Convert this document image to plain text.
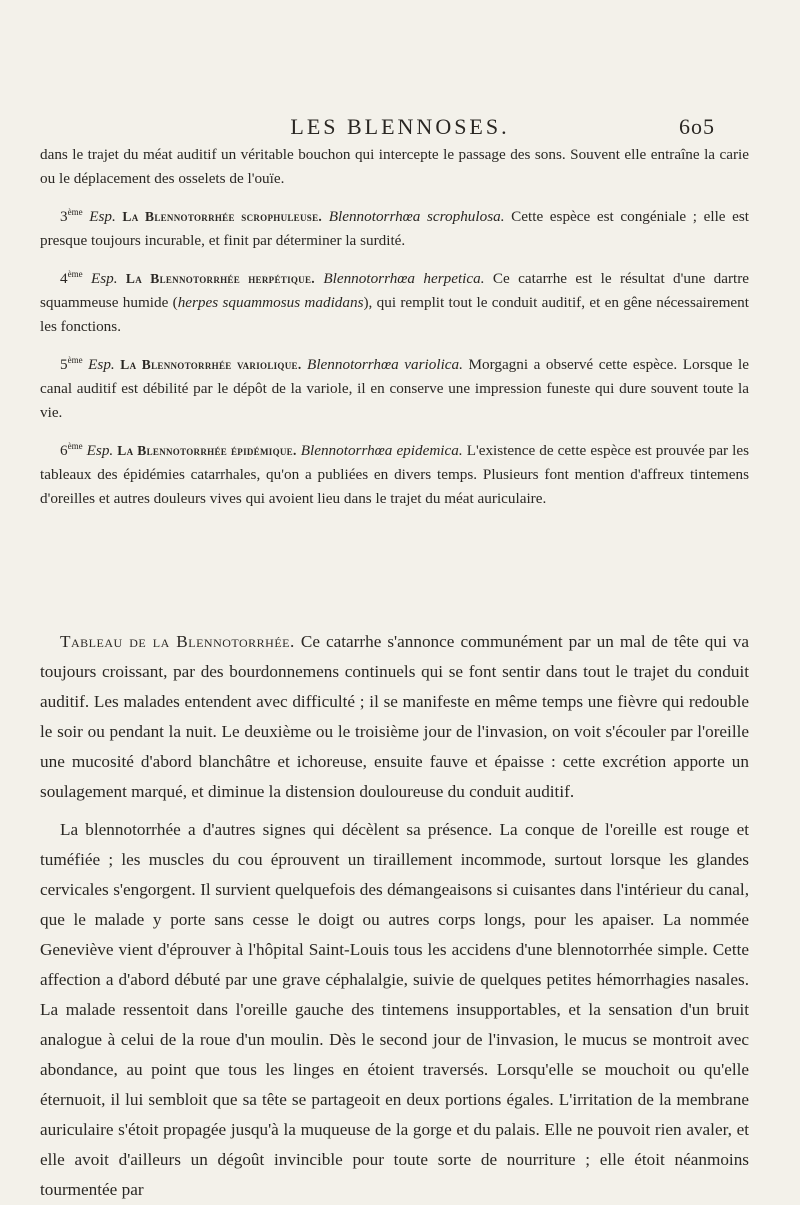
LES BLENNOSES.	6o5

dans le trajet du méat auditif un véritable bouchon qui intercepte le passage des sons. Souvent elle entraîne la carie ou le déplacement des osselets de l'ouïe.

3ème Esp. La Blennotorrhée scrophuleuse. Blennotorrhœa scrophulosa. Cette espèce est congéniale ; elle est presque toujours incurable, et finit par déterminer la surdité.

4ème Esp. La Blennotorrhée herpétique. Blennotorrhœa herpetica. Ce catarrhe est le résultat d'une dartre squammeuse humide (herpes squammosus madidans), qui remplit tout le conduit auditif, et en gêne nécessairement les fonctions.

5ème Esp. La Blennotorrhée variolique. Blennotorrhœa variolica. Morgagni a observé cette espèce. Lorsque le canal auditif est débilité par le dépôt de la variole, il en conserve une impression funeste qui dure souvent toute la vie.

6ème Esp. La Blennotorrhée épidémique. Blennotorrhœa epidemica. L'existence de cette espèce est prouvée par les tableaux des épidémies catarrhales, qu'on a publiées en divers temps. Plusieurs font mention d'affreux tintemens d'oreilles et autres douleurs vives qui avoient lieu dans le trajet du méat auriculaire.

Tableau de la Blennotorrhée. Ce catarrhe s'annonce communément par un mal de tête qui va toujours croissant, par des bourdonnemens continuels qui se font sentir dans tout le trajet du conduit auditif. Les malades entendent avec difficulté ; il se manifeste en même temps une fièvre qui redouble le soir ou pendant la nuit. Le deuxième ou le troisième jour de l'invasion, on voit s'écouler par l'oreille une mucosité d'abord blanchâtre et ichoreuse, ensuite fauve et épaisse : cette excrétion apporte un soulagement marqué, et diminue la distension douloureuse du conduit auditif.

La blennotorrhée a d'autres signes qui décèlent sa présence. La conque de l'oreille est rouge et tuméfiée ; les muscles du cou éprouvent un tiraillement incommode, surtout lorsque les glandes cervicales s'engorgent. Il survient quelquefois des démangeaisons si cuisantes dans l'intérieur du canal, que le malade y porte sans cesse le doigt ou autres corps longs, pour les apaiser. La nommée Geneviève vient d'éprouver à l'hôpital Saint-Louis tous les accidens d'une blennotorrhée simple. Cette affection a d'abord débuté par une grave céphalalgie, suivie de quelques petites hémorrhagies nasales. La malade ressentoit dans l'oreille gauche des tintemens insupportables, et la sensation d'un bruit analogue à celui de la roue d'un moulin. Dès le second jour de l'invasion, le mucus se montroit avec abondance, au point que tous les linges en étoient traversés. Lorsqu'elle se mouchoit ou qu'elle éternuoit, il lui sembloit que sa tête se partageoit en deux portions égales. L'irritation de la membrane auriculaire s'étoit propagée jusqu'à la muqueuse de la gorge et du palais. Elle ne pouvoit rien avaler, et elle avoit d'ailleurs un dégoût invincible pour toute sorte de nourriture ; elle étoit néanmoins tourmentée par
